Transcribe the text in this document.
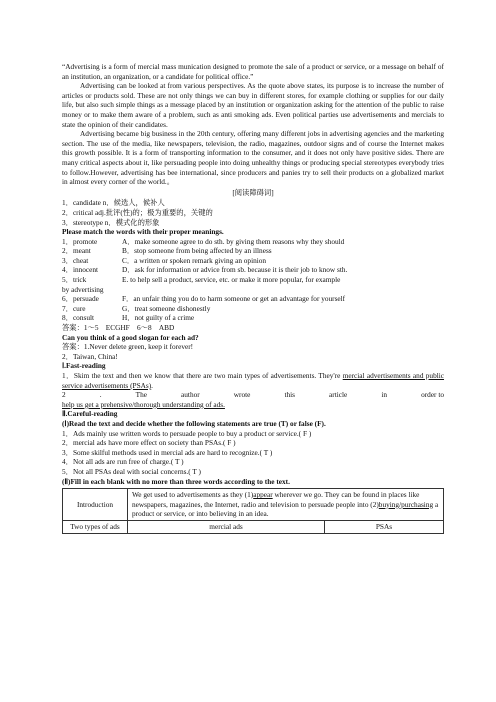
“Advertising is a form of mercial mass munication designed to promote the sale of a product or service, or a message on behalf of an institution, an organization, or a candidate for political office.”

Advertising can be looked at from various perspectives. As the quote above states, its purpose is to increase the number of articles or products sold. These are not only things we can buy in different stores, for example clothing or supplies for our daily life, but also such simple things as a message placed by an institution or organization asking for the attention of the public to raise money or to make them aware of a problem, such as anti smoking ads. Even political parties use advertisements and mercials to state the opinion of their candidates.

Advertising became big business in the 20th century, offering many different jobs in advertising agencies and the marketing section. The use of the media, like newspapers, television, the radio, magazines, outdoor signs and of course the Internet makes this growth possible. It is a form of transporting information to the consumer, and it does not only have positive sides. There are many critical aspects about it, like persuading people into doing unhealthy things or producing special stereotypes everybody tries to follow.However, advertising has bee international, since producers and panies try to sell their products on a globalized market in almost every corner of the world.。

[阅读障碍词]

1．candidate n．候选人，候补人

2．critical adj.批评(性)的；极为重要的，关键的

3．stereotype n．模式化的形象

Please match the words with their proper meanings.

1．promote	A．make someone agree to do sth. by giving them reasons why they should
2．meant	B．stop someone from being affected by an illness
3．cheat	C．a written or spoken remark giving an opinion
4．innocent	D．ask for information or advice from sb. because it is their job to know sth.
5．trick	E. to help sell a product, service, etc. or make it more popular, for example

by advertising

6．persuade	F．an unfair thing you do to harm someone or get an advantage for yourself
7．cure	G．treat someone dishonestly
8．consult	H．not guilty of a crime

答案：1～5　ECGHF　6～8　ABD

Can you think of a good slogan for each ad?

答案：1.Never delete green, keep it forever!

2．Taiwan, China!

Ⅰ.Fast-reading

1．Skim the text and then we know that there are two main types of advertisements. They're mercial advertisements and public service advertisements (PSAs).

2	.	The	author	wrote	this	article	in	order to

help us get a prehensive/thorough understanding of ads.

Ⅱ.Careful-reading

(Ⅰ)Read the text and decide whether the following statements are true (T) or false (F).

1．Ads mainly use written words to persuade people to buy a product or service.( F )

2．mercial ads have more effect on society than PSAs.( F )

3．Some skilful methods used in mercial ads are hard to recognize.( T )

4．Not all ads are run free of charge.( T )

5．Not all PSAs deal with social concerns.( T )

(Ⅱ)Fill in each blank with no more than three words according to the text.

Introduction	We get used to advertisements as they (1)appear wherever we go. They can be found in places like newspapers, magazines, the Internet, radio and television to persuade people into (2)buying/purchasing a product or service, or into believing in an idea.	
Two types of ads	mercial ads	PSAs
